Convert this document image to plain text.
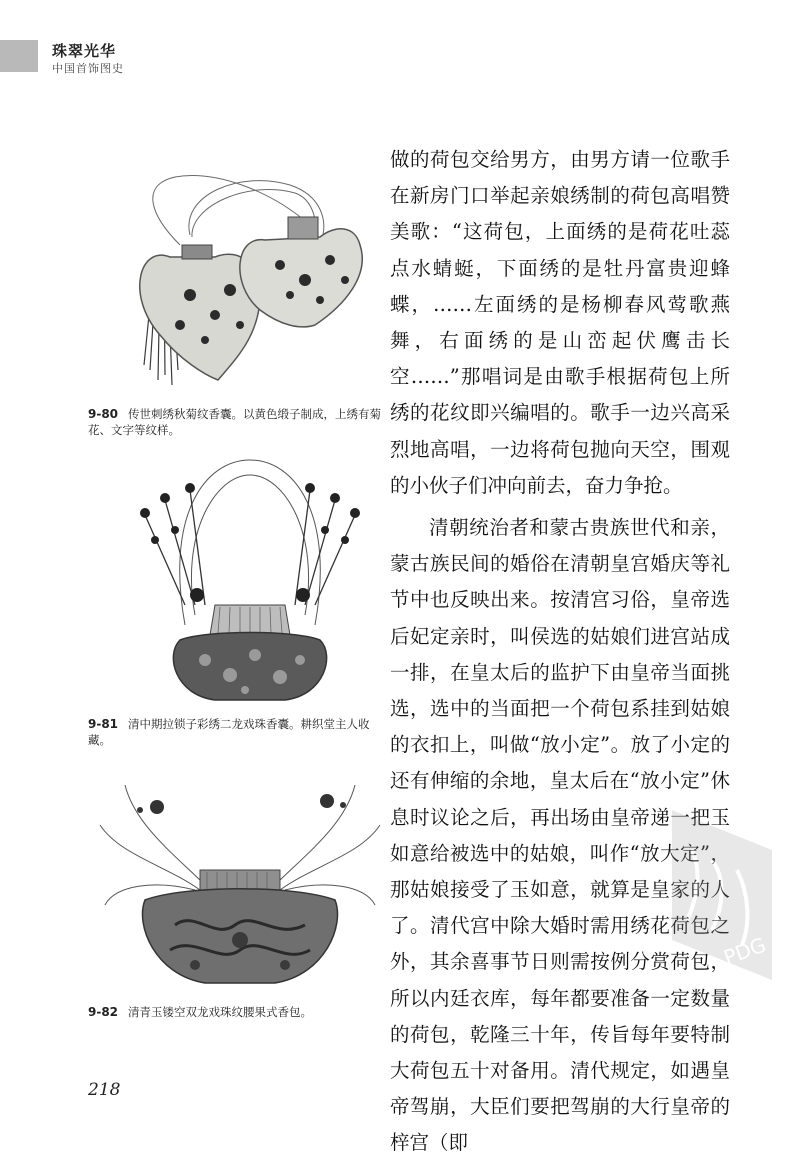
珠翠光华
中国首饰图史
9-80 传世刺绣秋菊纹香囊。以黄色缎子制成，上绣有菊花、文字等纹样。
9-81 清中期拉锁子彩绣二龙戏珠香囊。耕织堂主人收藏。
9-82 清青玉镂空双龙戏珠纹腰果式香包。

做的荷包交给男方，由男方请一位歌手在新房门口举起亲娘绣制的荷包高唱赞美歌：“这荷包，上面绣的是荷花吐蕊点水蜻蜓，下面绣的是牡丹富贵迎蜂蝶，……左面绣的是杨柳春风莺歌燕舞，右面绣的是山峦起伏鹰击长空……”那唱词是由歌手根据荷包上所绣的花纹即兴编唱的。歌手一边兴高采烈地高唱，一边将荷包抛向天空，围观的小伙子们冲向前去，奋力争抢。

清朝统治者和蒙古贵族世代和亲，蒙古族民间的婚俗在清朝皇宫婚庆等礼节中也反映出来。按清宫习俗，皇帝选后妃定亲时，叫侯选的姑娘们进宫站成一排，在皇太后的监护下由皇帝当面挑选，选中的当面把一个荷包系挂到姑娘的衣扣上，叫做“放小定”。放了小定的还有伸缩的余地，皇太后在“放小定”休息时议论之后，再出场由皇帝递一把玉如意给被选中的姑娘，叫作“放大定”，那姑娘接受了玉如意，就算是皇家的人了。清代宫中除大婚时需用绣花荷包之外，其余喜事节日则需按例分赏荷包，所以内廷衣库，每年都要准备一定数量的荷包，乾隆三十年，传旨每年要特制大荷包五十对备用。清代规定，如遇皇帝驾崩，大臣们要把驾崩的大行皇帝的梓宫（即

PDG
218
